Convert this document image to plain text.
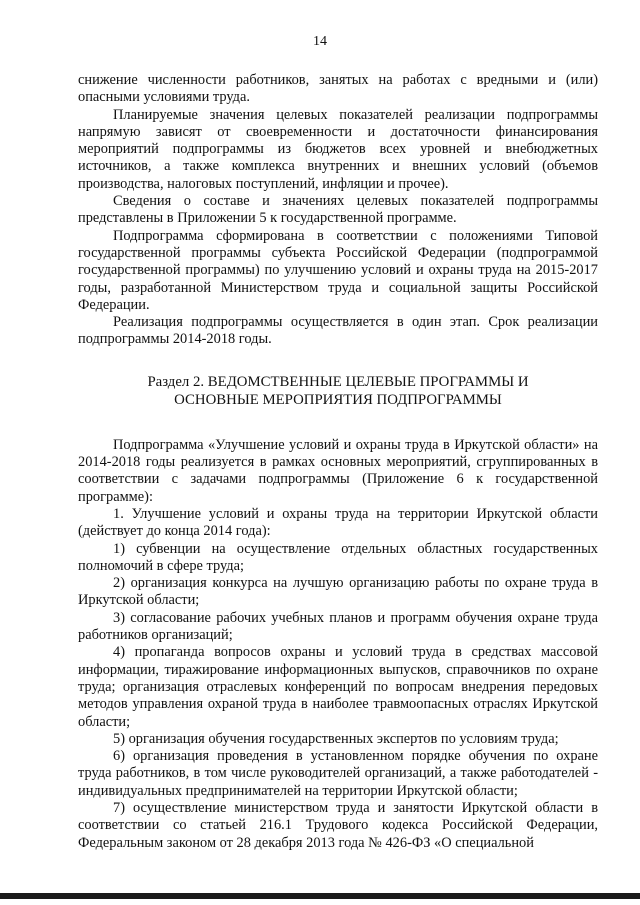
14

снижение численности работников, занятых на работах с вредными и (или) опасными условиями труда.

Планируемые значения целевых показателей реализации подпрограммы напрямую зависят от своевременности и достаточности финансирования мероприятий подпрограммы из бюджетов всех уровней и внебюджетных источников, а также комплекса внутренних и внешних условий (объемов производства, налоговых поступлений, инфляции и прочее).

Сведения о составе и значениях целевых показателей подпрограммы представлены в Приложении 5 к государственной программе.

Подпрограмма сформирована в соответствии с положениями Типовой государственной программы субъекта Российской Федерации (подпрограммой государственной программы) по улучшению условий и охраны труда на 2015-2017 годы, разработанной Министерством труда и социальной защиты Российской Федерации.

Реализация подпрограммы осуществляется в один этап. Срок реализации подпрограммы 2014-2018 годы.

Раздел 2. ВЕДОМСТВЕННЫЕ ЦЕЛЕВЫЕ ПРОГРАММЫ И
ОСНОВНЫЕ МЕРОПРИЯТИЯ ПОДПРОГРАММЫ

Подпрограмма «Улучшение условий и охраны труда в Иркутской области» на 2014-2018 годы реализуется в рамках основных мероприятий, сгруппированных в соответствии с задачами подпрограммы (Приложение 6 к государственной программе):

1. Улучшение условий и охраны труда на территории Иркутской области (действует до конца 2014 года):

1) субвенции на осуществление отдельных областных государственных полномочий в сфере труда;

2) организация конкурса на лучшую организацию работы по охране труда в Иркутской области;

3) согласование рабочих учебных планов и программ обучения охране труда работников организаций;

4) пропаганда вопросов охраны и условий труда в средствах массовой информации, тиражирование информационных выпусков, справочников по охране труда; организация отраслевых конференций по вопросам внедрения передовых методов управления охраной труда в наиболее травмоопасных отраслях Иркутской области;

5) организация обучения государственных экспертов по условиям труда;

6) организация проведения в установленном порядке обучения по охране труда работников, в том числе руководителей организаций, а также работодателей - индивидуальных предпринимателей на территории Иркутской области;

7) осуществление министерством труда и занятости Иркутской области в соответствии со статьей 216.1 Трудового кодекса Российской Федерации, Федеральным законом от 28 декабря 2013 года № 426-ФЗ «О специальной
